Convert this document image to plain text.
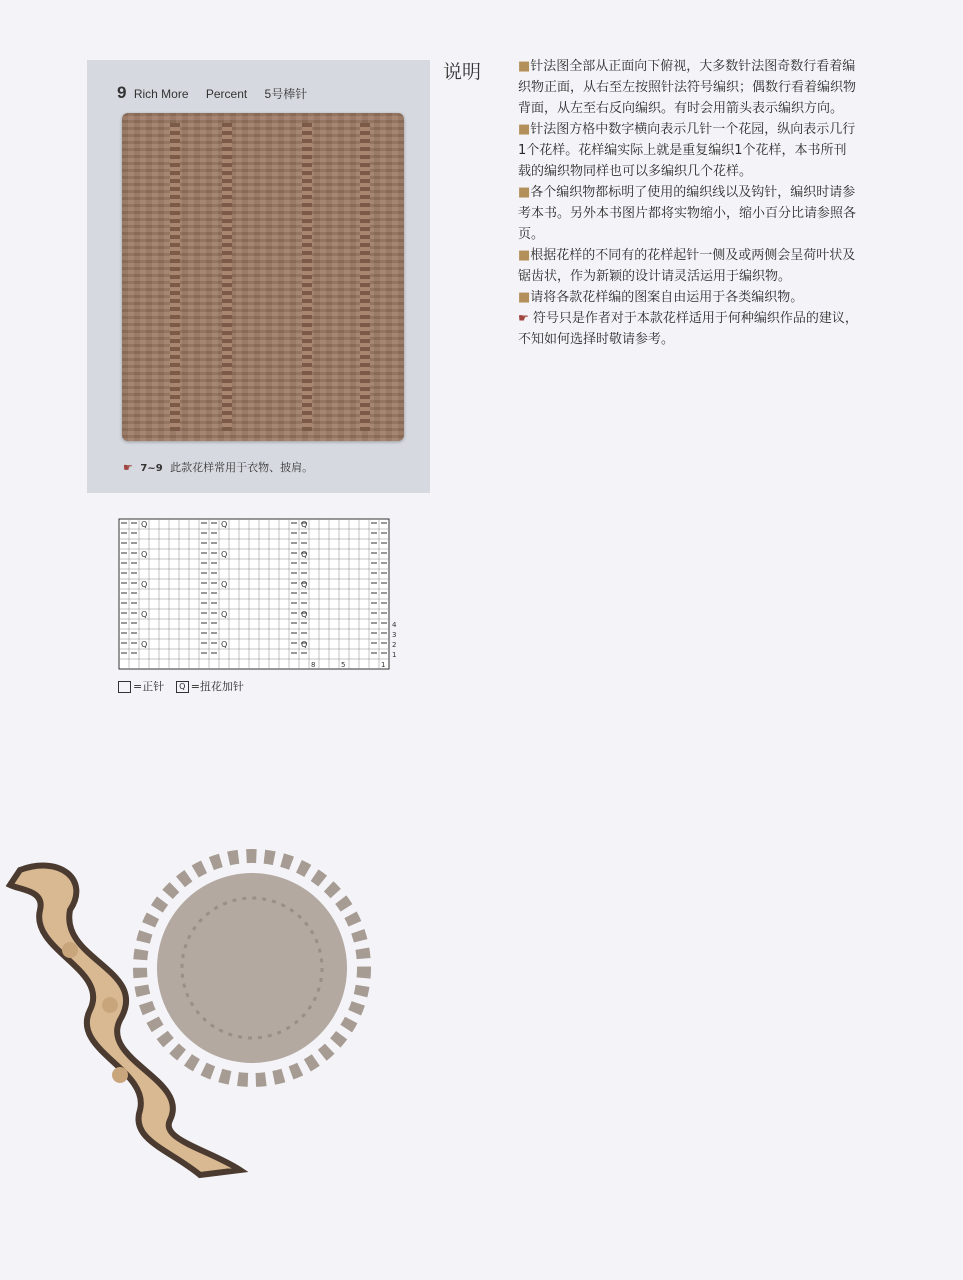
9 Rich More Percent 5号棒针
☛ 7~9 此款花样常用于衣物、披肩。
Q	Q	Q
Q	Q	Q
Q	Q	Q
Q	Q	Q
Q	Q	Q
1
2
3
4
8	5	1
=正针 Q =扭花加针
说明	■针法图全部从正面向下俯视，大多数针法图奇数行看着编织物正面，从右至左按照针法符号编织；偶数行看着编织物背面，从左至右反向编织。有时会用箭头表示编织方向。

■针法图方格中数字横向表示几针一个花园，纵向表示几行1个花样。花样编实际上就是重复编织1个花样，本书所刊载的编织物同样也可以多编织几个花样。

■各个编织物都标明了使用的编织线以及钩针，编织时请参考本书。另外本书图片都将实物缩小，缩小百分比请参照各页。

■根据花样的不同有的花样起针一侧及或两侧会呈荷叶状及锯齿状，作为新颖的设计请灵活运用于编织物。

■请将各款花样编的图案自由运用于各类编织物。

☛ 符号只是作者对于本款花样适用于何种编织作品的建议，不知如何选择时敬请参考。
